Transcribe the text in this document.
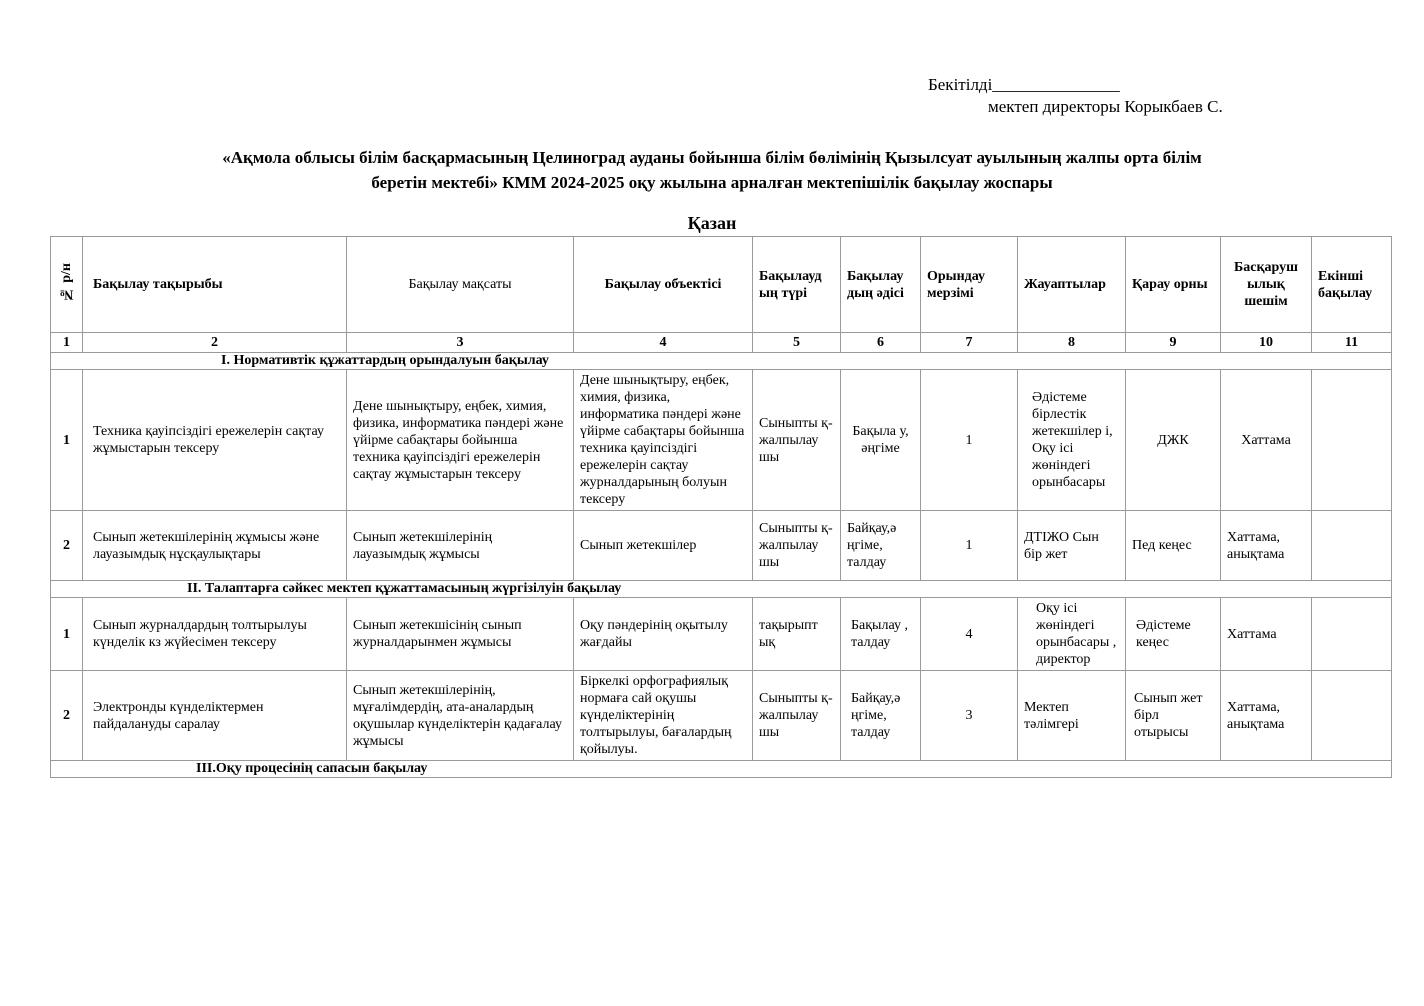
Бекітілді_______________
мектеп директоры Корыкбаев С.
«Ақмола облысы білім басқармасының Целиноград ауданы бойынша білім бөлімінің Қызылсуат ауылының жалпы орта білім
беретін мектебі» КММ 2024-2025 оқу жылына арналған мектепішілік бақылау жоспары
Қазан
№ р/н	Бақылау тақырыбы	Бақылау мақсаты	Бақылау объектісі	Бақылауд ың түрі	Бақылау дың әдісі	Орындау мерзімі	Жауаптылар	Қарау орны	Басқаруш ылық шешім	Екінші бақылау
1	2	3	4	5	6	7	8	9	10	11
I. Нормативтік құжаттардың орындалуын бақылау										
1	Техника қауіпсіздігі ережелерін сақтау жұмыстарын тексеру	Дене шынықтыру, еңбек, химия, физика, информатика пәндері және үйірме сабақтары бойынша техника қауіпсіздігі ережелерін сақтау жұмыстарын тексеру	Дене шынықтыру, еңбек, химия, физика, информатика пәндері және үйірме сабақтары бойынша техника қауіпсіздігі ережелерін сақтау журналдарының болуын тексеру	Сыныпты қ-жалпылау шы	Бақыла у, әңгіме	1	Әдістеме бірлестік жетекшілер і, Оқу ісі жөніндегі орынбасары	ДЖК	Хаттама	
2	Сынып жетекшілерінің жұмысы және лауазымдық нұсқаулықтары	Сынып жетекшілерінің лауазымдық жұмысы	Сынып жетекшілер	Сыныпты қ-жалпылау шы	Байқау,ә ңгіме, талдау	1	ДТІЖО Сын бір жет	Пед кеңес	Хаттама, анықтама	
II. Талаптарға сәйкес мектеп құжаттамасының жүргізілуін бақылау										
1	Сынып журналдардың толтырылуы күнделік кз жүйесімен тексеру	Сынып жетекшісінің сынып журналдарынмен жұмысы	Оқу пәндерінің оқытылу жағдайы	тақырыпт ық	Бақылау , талдау	4	Оқу ісі жөніндегі орынбасары , директор	Әдістеме кеңес	Хаттама	
2	Электронды күнделіктермен пайдалануды саралау	Сынып жетекшілерінің, мұғалімдердің, ата-аналардың оқушылар күнделіктерін қадағалау жұмысы	Біркелкі орфографиялық нормаға сай оқушы күнделіктерінің толтырылуы, бағалардың қойылуы.	Сыныпты қ-жалпылау шы	Байқау,ә ңгіме, талдау	3	Мектеп тәлімгері	Сынып жет бірл отырысы	Хаттама, анықтама	
III.Оқу процесінің сапасын бақылау										
